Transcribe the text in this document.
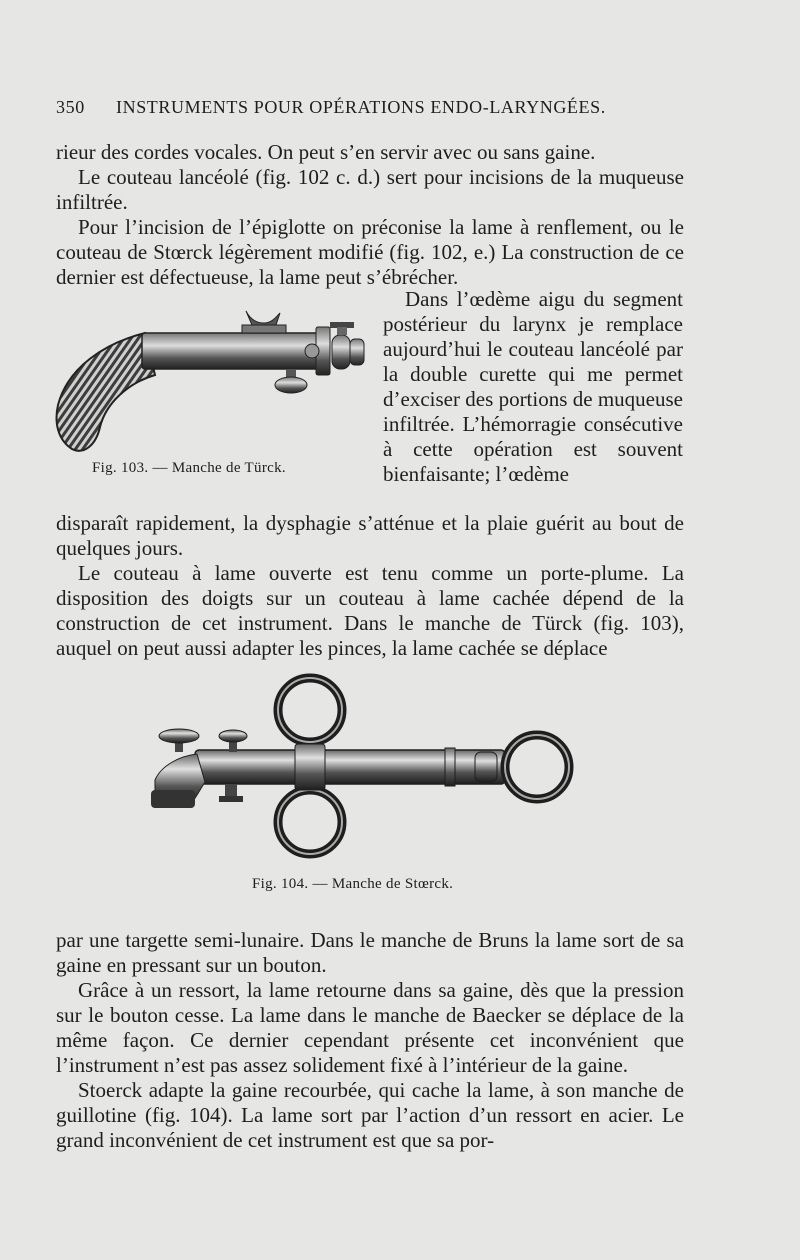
350 INSTRUMENTS POUR OPÉRATIONS ENDO-LARYNGÉES.

rieur des cordes vocales. On peut s’en servir avec ou sans gaine.

Le couteau lancéolé (fig. 102 c. d.) sert pour incisions de la muqueuse infiltrée.

Pour l’incision de l’épiglotte on préconise la lame à renflement, ou le couteau de Stœrck légèrement modifié (fig. 102, e.) La construction de ce dernier est défectueuse, la lame peut s’ébrécher.

Fig. 103. — Manche de Türck.

Dans l’œdème aigu du segment postérieur du larynx je remplace aujourd’hui le couteau lancéolé par la double curette qui me permet d’exciser des portions de muqueuse infiltrée. L’hémorragie consécutive à cette opération est souvent bienfaisante; l’œdème

disparaît rapidement, la dysphagie s’atténue et la plaie guérit au bout de quelques jours.

Le couteau à lame ouverte est tenu comme un porte-plume. La disposition des doigts sur un couteau à lame cachée dépend de la construction de cet instrument. Dans le manche de Türck (fig. 103), auquel on peut aussi adapter les pinces, la lame cachée se déplace

Fig. 104. — Manche de Stœrck.

par une targette semi-lunaire. Dans le manche de Bruns la lame sort de sa gaine en pressant sur un bouton.

Grâce à un ressort, la lame retourne dans sa gaine, dès que la pression sur le bouton cesse. La lame dans le manche de Baecker se déplace de la même façon. Ce dernier cependant présente cet inconvénient que l’instrument n’est pas assez solidement fixé à l’intérieur de la gaine.

Stoerck adapte la gaine recourbée, qui cache la lame, à son manche de guillotine (fig. 104). La lame sort par l’action d’un ressort en acier. Le grand inconvénient de cet instrument est que sa por-
